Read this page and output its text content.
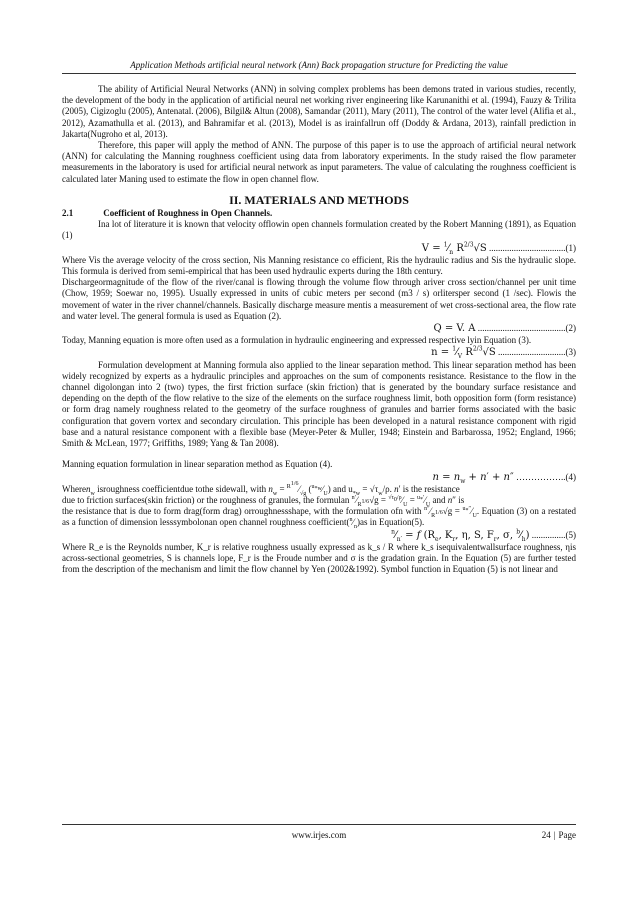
Application Methods artificial neural network (Ann) Back propagation structure for Predicting the value

The ability of Artificial Neural Networks (ANN) in solving complex problems has been demons trated in various studies, recently, the development of the body in the application of artificial neural net working river engineering like Karunanithi et al. (1994), Fauzy & Trilita (2005), Cigizoglu (2005), Antenatal. (2006), Bilgil& Altun (2008), Samandar (2011), Mary (2011), The control of the water level (Alifia et al., 2012), Azamathulla et al. (2013), and Bahramifar et al. (2013), Model is as irainfallrun off (Doddy & Ardana, 2013), rainfall prediction in Jakarta(Nugroho et al, 2013).

Therefore, this paper will apply the method of ANN. The purpose of this paper is to use the approach of artificial neural network (ANN) for calculating the Manning roughness coefficient using data from laboratory experiments. In the study raised the flow parameter measurements in the laboratory is used for artificial neural network as input parameters. The value of calculating the roughness coefficient is calculated later Maning used to estimate the flow in open channel flow.

II. MATERIALS AND METHODS

2.1	Coefficient of Roughness in Open Channels.

Ina lot of literature it is known that velocity offlowin open channels formulation created by the Robert Manning (1891), as Equation (1)

$V = ^1⁄_n$ $R^{2/3}√S$ ..................................(1)

Where Vis the average velocity of the cross section, Nis Manning resistance co efficient, Ris the hydraulic radius and Sis the hydraulic slope. This formula is derived from semi-empirical that has been used hydraulic experts during the 18th century.

Dischargeormagnitude of the flow of the river/canal is flowing through the volume flow through ariver cross section/channel per unit time (Chow, 1959; Soewar no, 1995). Usually expressed in units of cubic meters per second (m3 / s) orlitersper second (1 /sec). Flowis the movement of water in the river channel/channels. Basically discharge measure mentis a measurement of wet cross-sectional area, the flow rate and water level. The general formula is used as Equation (2).

Q = V. A .......................................(2)

Today, Manning equation is more often used as a formulation in hydraulic engineering and expressed respective lyin Equation (3).

$n = ^1⁄_V$ $R^{2/3}√S$ ..............................(3)

Formulation development at Manning formula also applied to the linear separation method. This linear separation method has been widely recognized by experts as a hydraulic principles and approaches on the sum of components resistance. Resistance to the flow in the channel digolongan into 2 (two) types, the first friction surface (skin friction) that is generated by the boundary surface resistance and depending on the depth of the flow relative to the size of the elements on the surface roughness limit, both opposition form (form resistance) or form drag namely roughness related to the geometry of the surface roughness of granules and barrier forms associated with the basic configuration that govern vortex and secondary circulation. This principle has been developed in a natural resistance component with rigid base and a natural resistance component with a flexible base (Meyer-Peter & Muller, 1948; Einstein and Barbarossa, 1952; England, 1966; Smith & McLean, 1977; Griffiths, 1989; Yang & Tan 2008).

Manning equation formulation in linear separation method as Equation (4).

$n = n_w + n' + n''$ ……………..(4)

Wheren$_w$ isroughness coefficientdue tothe sidewall, with $n_w$ = $^{R^{1/6}}⁄_{√g}$ $(^{u_{*w}}⁄_U)$ and $u_{*w} = √\tau_w/\rho$. n′ is the resistance

due to friction surfaces(skin friction) or the roughness of granules, the formulan $^{n'}⁄_{R^{1/6}}√g$ = $^{√\tau_0/\rho}⁄_U$ = $^{u_*'}⁄_U$ and n″ is

the resistance that is due to form drag(form drag) orroughnessshape, with the formulation ofn with $^{n''}⁄_{R^{1/6}}√g$ = $^{u_*''}⁄_U$. Equation (3) on a restated as a function of dimension lesssymbolonan open channel roughness $coefficient(^n⁄_n)as$ in Equation(5).

$^n⁄_{n'} = f$ ($R_e$, $K_r$, η, S, $F_r$, σ, $^b⁄_h$) ...............(5)

Where R_e is the Reynolds number, K_r is relative roughness usually expressed as k_s / R where k_s isequivalentwallsurface roughness, ηis across-sectional geometries, S is channels lope, F_r is the Froude number and σ is the gradation grain. In the Equation (5) are further tested from the description of the mechanism and limit the flow channel by Yen (2002&1992). Symbol function in Equation (5) is not linear and

www.irjes.com	24 | Page
